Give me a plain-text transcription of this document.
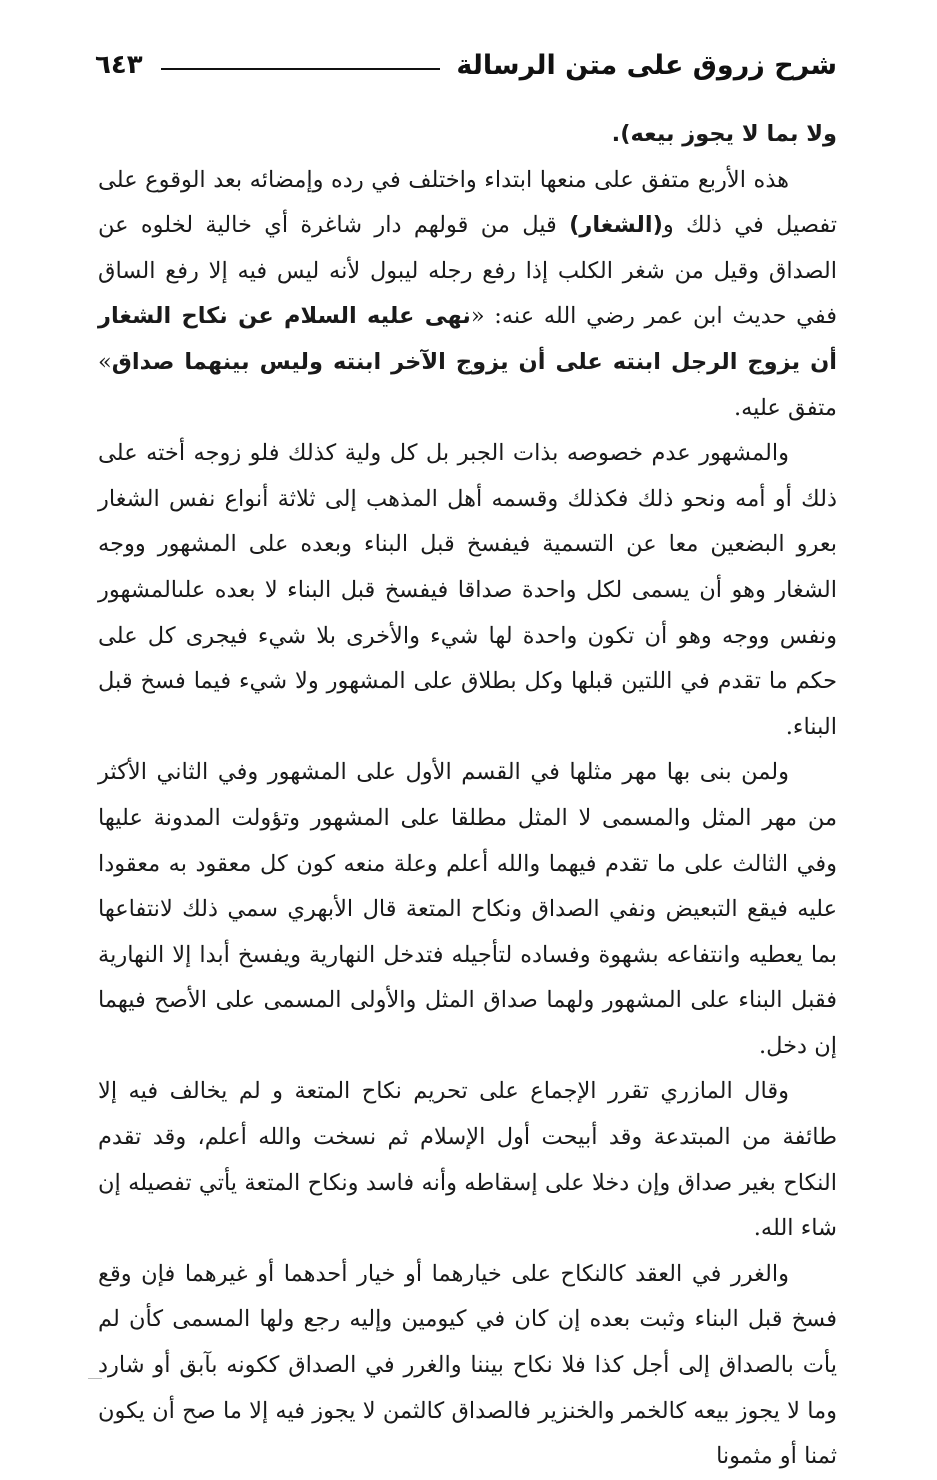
شرح زروق على متن الرسالة
٦٤٣

ولا بما لا يجوز بيعه).

هذه الأربع متفق على منعها ابتداء واختلف في رده وإمضائه بعد الوقوع على تفصيل في ذلك و(الشغار) قيل من قولهم دار شاغرة أي خالية لخلوه عن الصداق وقيل من شغر الكلب إذا رفع رجله ليبول لأنه ليس فيه إلا رفع الساق ففي حديث ابن عمر رضي الله عنه: «نهى عليه السلام عن نكاح الشغار أن يزوج الرجل ابنته على أن يزوج الآخر ابنته وليس بينهما صداق» متفق عليه.

والمشهور عدم خصوصه بذات الجبر بل كل ولية كذلك فلو زوجه أخته على ذلك أو أمه ونحو ذلك فكذلك وقسمه أهل المذهب إلى ثلاثة أنواع نفس الشغار بعرو البضعين معا عن التسمية فيفسخ قبل البناء وبعده على المشهور ووجه الشغار وهو أن يسمى لكل واحدة صداقا فيفسخ قبل البناء لا بعده علىالمشهور ونفس ووجه وهو أن تكون واحدة لها شيء والأخرى بلا شيء فيجرى كل على حكم ما تقدم في اللتين قبلها وكل بطلاق على المشهور ولا شيء فيما فسخ قبل البناء.

ولمن بنى بها مهر مثلها في القسم الأول على المشهور وفي الثاني الأكثر من مهر المثل والمسمى لا المثل مطلقا على المشهور وتؤولت المدونة عليها وفي الثالث على ما تقدم فيهما والله أعلم وعلة منعه كون كل معقود به معقودا عليه فيقع التبعيض ونفي الصداق ونكاح المتعة قال الأبهري سمي ذلك لانتفاعها بما يعطيه وانتفاعه بشهوة وفساده لتأجيله فتدخل النهارية ويفسخ أبدا إلا النهارية فقبل البناء على المشهور ولهما صداق المثل والأولى المسمى على الأصح فيهما إن دخل.

وقال المازري تقرر الإجماع على تحريم نكاح المتعة و لم يخالف فيه إلا طائفة من المبتدعة وقد أبيحت أول الإسلام ثم نسخت والله أعلم، وقد تقدم النكاح بغير صداق وإن دخلا على إسقاطه وأنه فاسد ونكاح المتعة يأتي تفصيله إن شاء الله.

والغرر في العقد كالنكاح على خيارهما أو خيار أحدهما أو غيرهما فإن وقع فسخ قبل البناء وثبت بعده إن كان في كيومين وإليه رجع ولها المسمى كأن لم يأت بالصداق إلى أجل كذا فلا نكاح بيننا والغرر في الصداق ككونه بآبق أو شارد وما لا يجوز بيعه كالخمر والخنزير فالصداق كالثمن لا يجوز فيه إلا ما صح أن يكون ثمنا أو مثمونا
